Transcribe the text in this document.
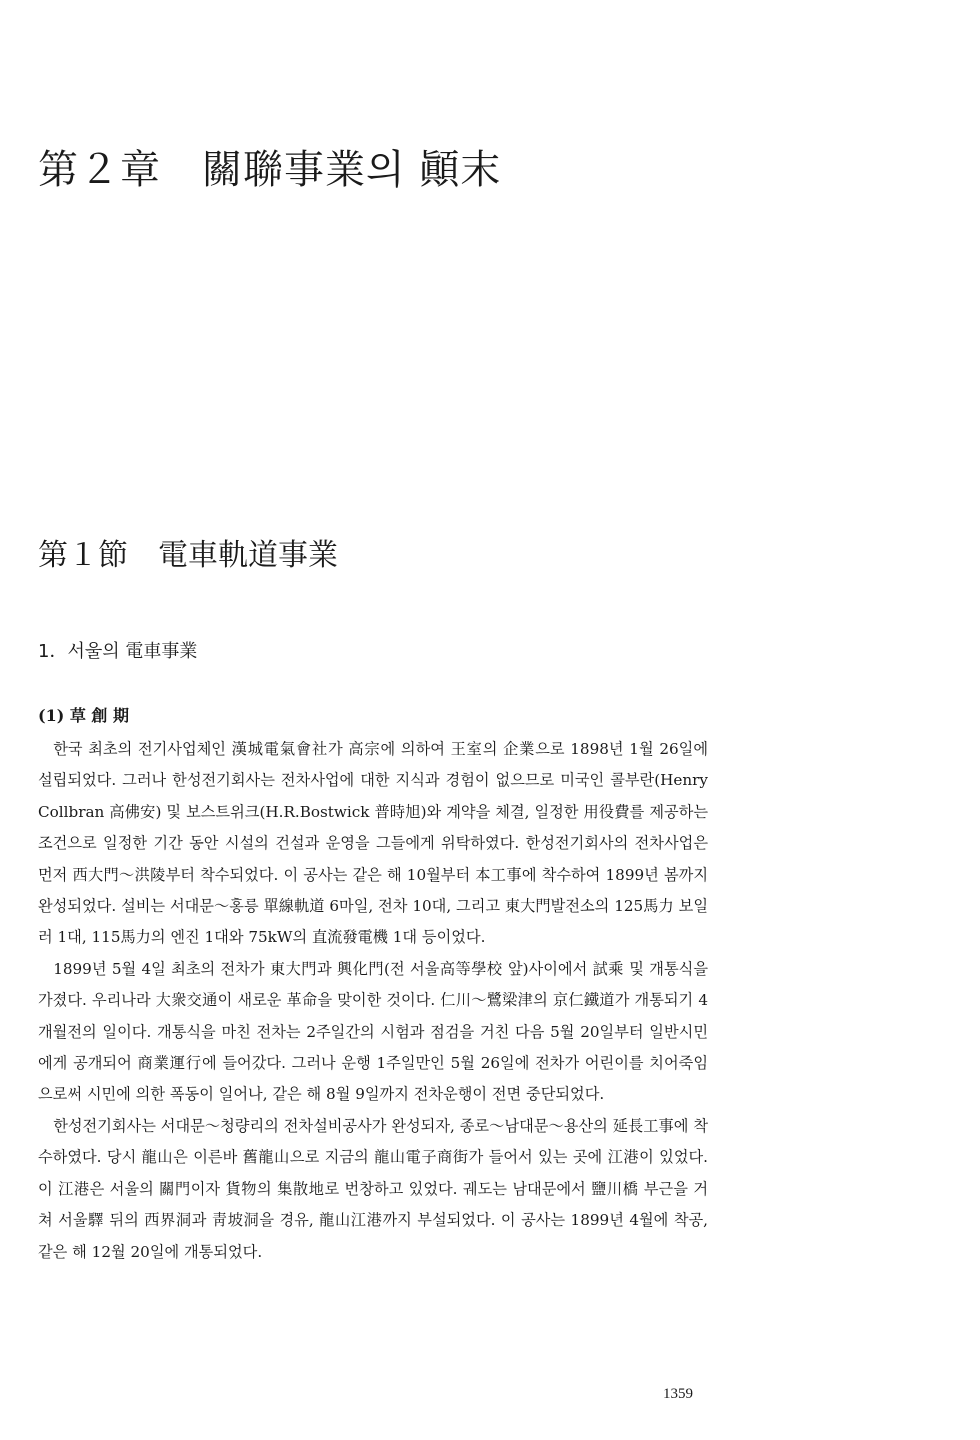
第２章　關聯事業의 顚末
第１節　電車軌道事業
1．서울의 電車事業
(1) 草 創 期

한국 최초의 전기사업체인 漢城電氣會社가 高宗에 의하여 王室의 企業으로 1898년 1월 26일에 설립되었다. 그러나 한성전기회사는 전차사업에 대한 지식과 경험이 없으므로 미국인 콜부란(Henry Collbran 高佛安) 및 보스트위크(H.R.Bostwick 普時旭)와 계약을 체결, 일정한 用役費를 제공하는 조건으로 일정한 기간 동안 시설의 건설과 운영을 그들에게 위탁하였다. 한성전기회사의 전차사업은 먼저 西大門～洪陵부터 착수되었다. 이 공사는 같은 해 10월부터 本工事에 착수하여 1899년 봄까지 완성되었다. 설비는 서대문～홍릉 單線軌道 6마일, 전차 10대, 그리고 東大門발전소의 125馬力 보일러 1대, 115馬力의 엔진 1대와 75kW의 直流發電機 1대 등이었다.

1899년 5월 4일 최초의 전차가 東大門과 興化門(전 서울高等學校 앞)사이에서 試乘 및 개통식을 가졌다. 우리나라 大衆交通이 새로운 革命을 맞이한 것이다. 仁川～鷺梁津의 京仁鐵道가 개통되기 4개월전의 일이다. 개통식을 마친 전차는 2주일간의 시험과 점검을 거친 다음 5월 20일부터 일반시민에게 공개되어 商業運行에 들어갔다. 그러나 운행 1주일만인 5월 26일에 전차가 어린이를 치어죽임으로써 시민에 의한 폭동이 일어나, 같은 해 8월 9일까지 전차운행이 전면 중단되었다.

한성전기회사는 서대문～청량리의 전차설비공사가 완성되자, 종로～남대문～용산의 延長工事에 착수하였다. 당시 龍山은 이른바 舊龍山으로 지금의 龍山電子商街가 들어서 있는 곳에 江港이 있었다. 이 江港은 서울의 關門이자 貨物의 集散地로 번창하고 있었다. 궤도는 남대문에서 鹽川橋 부근을 거쳐 서울驛 뒤의 西界洞과 靑坡洞을 경유, 龍山江港까지 부설되었다. 이 공사는 1899년 4월에 착공, 같은 해 12월 20일에 개통되었다.

1359
